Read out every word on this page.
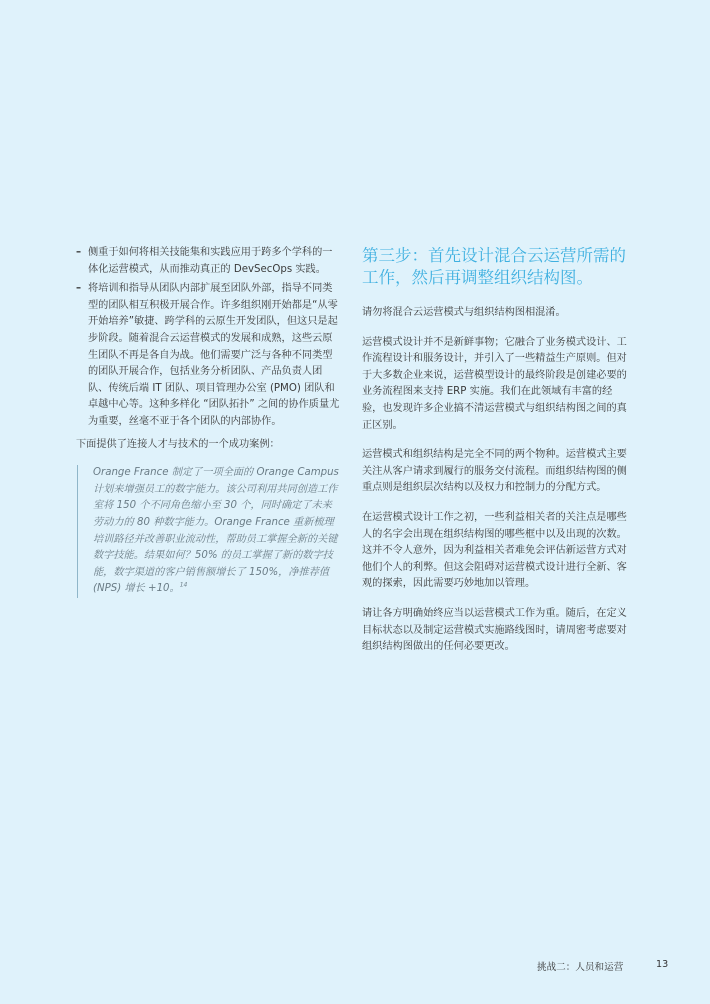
– 侧重于如何将相关技能集和实践应用于跨多个学科的一体化运营模式，从而推动真正的 DevSecOps 实践。
– 将培训和指导从团队内部扩展至团队外部，指导不同类型的团队相互积极开展合作。许多组织刚开始都是“从零开始培养”敏捷、跨学科的云原生开发团队，但这只是起步阶段。随着混合云运营模式的发展和成熟，这些云原生团队不再是各自为战。他们需要广泛与各种不同类型的团队开展合作，包括业务分析团队、产品负责人团队、传统后端 IT 团队、项目管理办公室 (PMO) 团队和卓越中心等。这种多样化 “团队拓扑” 之间的协作质量尤为重要，丝毫不亚于各个团队的内部协作。

下面提供了连接人才与技术的一个成功案例：

Orange France 制定了一项全面的 Orange Campus 计划来增强员工的数字能力。该公司利用共同创造工作室将 150 个不同角色缩小至 30 个，同时确定了未来劳动力的 80 种数字能力。Orange France 重新梳理培训路径并改善职业流动性，帮助员工掌握全新的关键数字技能。结果如何？50% 的员工掌握了新的数字技能，数字渠道的客户销售额增长了 150%，净推荐值 (NPS) 增长 +10。$^{14}$
第三步：首先设计混合云运营所需的工作，然后再调整组织结构图。

请勿将混合云运营模式与组织结构图相混淆。

运营模式设计并不是新鲜事物；它融合了业务模式设计、工作流程设计和服务设计，并引入了一些精益生产原则。但对于大多数企业来说，运营模型设计的最终阶段是创建必要的业务流程图来支持 ERP 实施。我们在此领域有丰富的经验，也发现许多企业搞不清运营模式与组织结构图之间的真正区别。

运营模式和组织结构是完全不同的两个物种。运营模式主要关注从客户请求到履行的服务交付流程。而组织结构图的侧重点则是组织层次结构以及权力和控制力的分配方式。

在运营模式设计工作之初，一些利益相关者的关注点是哪些人的名字会出现在组织结构图的哪些框中以及出现的次数。这并不令人意外，因为利益相关者难免会评估新运营方式对他们个人的利弊。但这会阻碍对运营模式设计进行全新、客观的探索，因此需要巧妙地加以管理。

请让各方明确始终应当以运营模式工作为重。随后，在定义目标状态以及制定运营模式实施路线图时，请周密考虑要对组织结构图做出的任何必要更改。

挑战二：人员和运营	13
